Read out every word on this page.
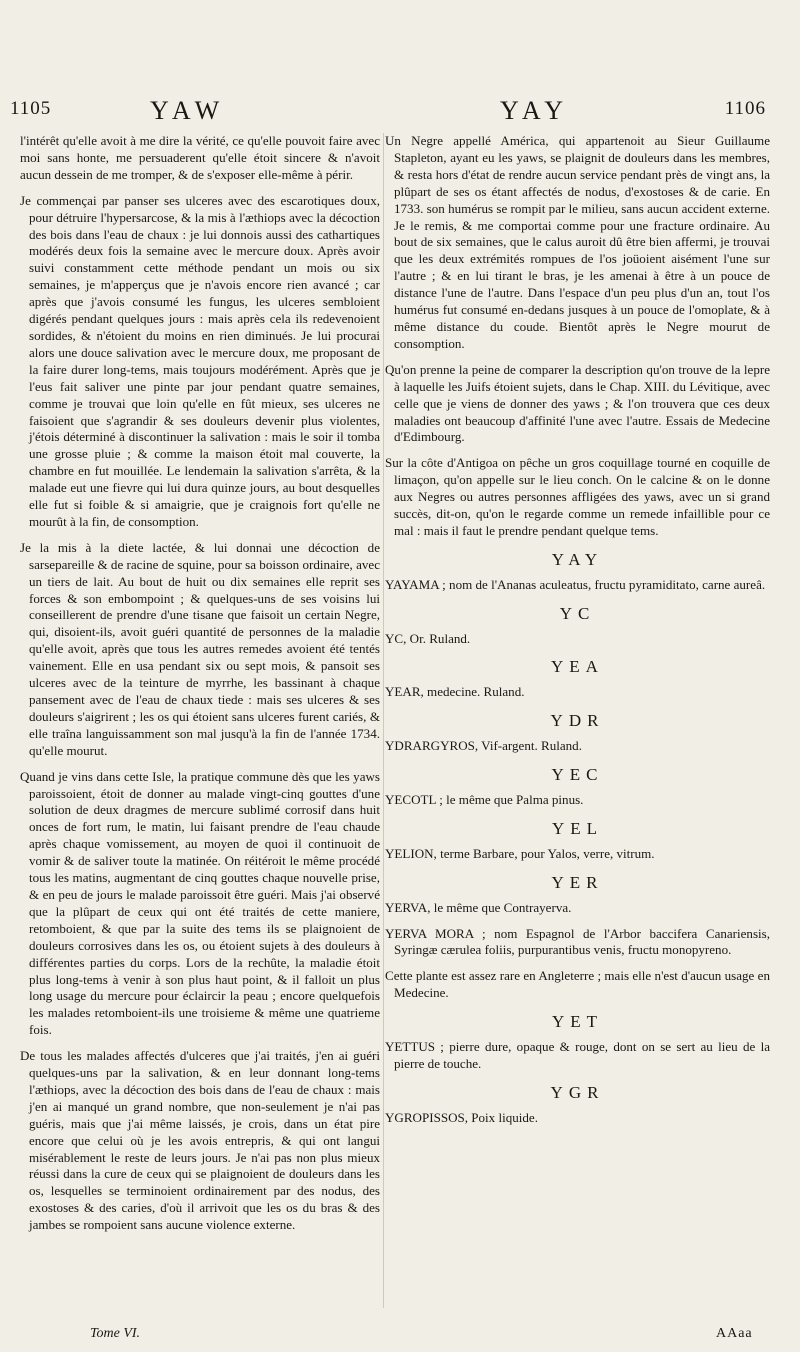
1105	YAW	YAY	1106

l'intérêt qu'elle avoit à me dire la vérité, ce qu'elle pouvoit faire avec moi sans honte, me persuaderent qu'elle étoit sincere & n'avoit aucun dessein de me tromper, & de s'exposer elle-même à périr.

Je commençai par panser ses ulceres avec des escarotiques doux, pour détruire l'hypersarcose, & la mis à l'æthiops avec la décoction des bois dans l'eau de chaux : je lui donnois aussi des cathartiques modérés deux fois la semaine avec le mercure doux. Après avoir suivi constamment cette méthode pendant un mois ou six semaines, je m'apperçus que je n'avois encore rien avancé ; car après que j'avois consumé les fungus, les ulceres sembloient digérés pendant quelques jours : mais après cela ils redevenoient sordides, & n'étoient du moins en rien diminués. Je lui procurai alors une douce salivation avec le mercure doux, me proposant de la faire durer long-tems, mais toujours modérément. Après que je l'eus fait saliver une pinte par jour pendant quatre semaines, comme je trouvai que loin qu'elle en fût mieux, ses ulceres ne faisoient que s'agrandir & ses douleurs devenir plus violentes, j'étois déterminé à discontinuer la salivation : mais le soir il tomba une grosse pluie ; & comme la maison étoit mal couverte, la chambre en fut mouillée. Le lendemain la salivation s'arrêta, & la malade eut une fievre qui lui dura quinze jours, au bout desquelles elle fut si foible & si amaigrie, que je craignois fort qu'elle ne mourût à la fin, de consomption.

Je la mis à la diete lactée, & lui donnai une décoction de sarsepareille & de racine de squine, pour sa boisson ordinaire, avec un tiers de lait. Au bout de huit ou dix semaines elle reprit ses forces & son embompoint ; & quelques-uns de ses voisins lui conseillerent de prendre d'une tisane que faisoit un certain Negre, qui, disoient-ils, avoit guéri quantité de personnes de la maladie qu'elle avoit, après que tous les autres remedes avoient été tentés vainement. Elle en usa pendant six ou sept mois, & pansoit ses ulceres avec de la teinture de myrrhe, les bassinant à chaque pansement avec de l'eau de chaux tiede : mais ses ulceres & ses douleurs s'aigrirent ; les os qui étoient sans ulceres furent cariés, & elle traîna languissamment son mal jusqu'à la fin de l'année 1734. qu'elle mourut.

Quand je vins dans cette Isle, la pratique commune dès que les yaws paroissoient, étoit de donner au malade vingt-cinq gouttes d'une solution de deux dragmes de mercure sublimé corrosif dans huit onces de fort rum, le matin, lui faisant prendre de l'eau chaude après chaque vomissement, au moyen de quoi il continuoit de vomir & de saliver toute la matinée. On réitéroit le même procédé tous les matins, augmentant de cinq gouttes chaque nouvelle prise, & en peu de jours le malade paroissoit être guéri. Mais j'ai observé que la plûpart de ceux qui ont été traités de cette maniere, retomboient, & que par la suite des tems ils se plaignoient de douleurs corrosives dans les os, ou étoient sujets à des douleurs à différentes parties du corps. Lors de la rechûte, la maladie étoit plus long-tems à venir à son plus haut point, & il falloit un plus long usage du mercure pour éclaircir la peau ; encore quelquefois les malades retomboient-ils une troisieme & même une quatrieme fois.

De tous les malades affectés d'ulceres que j'ai traités, j'en ai guéri quelques-uns par la salivation, & en leur donnant long-tems l'æthiops, avec la décoction des bois dans de l'eau de chaux : mais j'en ai manqué un grand nombre, que non-seulement je n'ai pas guéris, mais que j'ai même laissés, je crois, dans un état pire encore que celui où je les avois entrepris, & qui ont langui misérablement le reste de leurs jours. Je n'ai pas non plus mieux réussi dans la cure de ceux qui se plaignoient de douleurs dans les os, lesquelles se terminoient ordinairement par des nodus, des exostoses & des caries, d'où il arrivoit que les os du bras & des jambes se rompoient sans aucune violence externe.

Un Negre appellé América, qui appartenoit au Sieur Guillaume Stapleton, ayant eu les yaws, se plaignit de douleurs dans les membres, & resta hors d'état de rendre aucun service pendant près de vingt ans, la plûpart de ses os étant affectés de nodus, d'exostoses & de carie. En 1733. son humérus se rompit par le milieu, sans aucun accident externe. Je le remis, & me comportai comme pour une fracture ordinaire. Au bout de six semaines, que le calus auroit dû être bien affermi, je trouvai que les deux extrémités rompues de l'os joüoient aisément l'une sur l'autre ; & en lui tirant le bras, je les amenai à être à un pouce de distance l'une de l'autre. Dans l'espace d'un peu plus d'un an, tout l'os humérus fut consumé en-dedans jusques à un pouce de l'omoplate, & à même distance du coude. Bientôt après le Negre mourut de consomption.

Qu'on prenne la peine de comparer la description qu'on trouve de la lepre à laquelle les Juifs étoient sujets, dans le Chap. XIII. du Lévitique, avec celle que je viens de donner des yaws ; & l'on trouvera que ces deux maladies ont beaucoup d'affinité l'une avec l'autre. Essais de Medecine d'Edimbourg.

Sur la côte d'Antigoa on pêche un gros coquillage tourné en coquille de limaçon, qu'on appelle sur le lieu conch. On le calcine & on le donne aux Negres ou autres personnes affligées des yaws, avec un si grand succès, dit-on, qu'on le regarde comme un remede infaillible pour ce mal : mais il faut le prendre pendant quelque tems.

YAY

YAYAMA ; nom de l'Ananas aculeatus, fructu pyramiditato, carne aureâ.

YC

YC, Or. Ruland.

YEA

YEAR, medecine. Ruland.

YDR

YDRARGYROS, Vif-argent. Ruland.

YEC

YECOTL ; le même que Palma pinus.

YEL

YELION, terme Barbare, pour Yalos, verre, vitrum.

YER

YERVA, le même que Contrayerva.

YERVA MORA ; nom Espagnol de l'Arbor baccifera Canariensis, Syringæ cærulea foliis, purpurantibus venis, fructu monopyreno.

Cette plante est assez rare en Angleterre ; mais elle n'est d'aucun usage en Medecine.

YET

YETTUS ; pierre dure, opaque & rouge, dont on se sert au lieu de la pierre de touche.

YGR

YGROPISSOS, Poix liquide.

Tome VI.	AAaa
